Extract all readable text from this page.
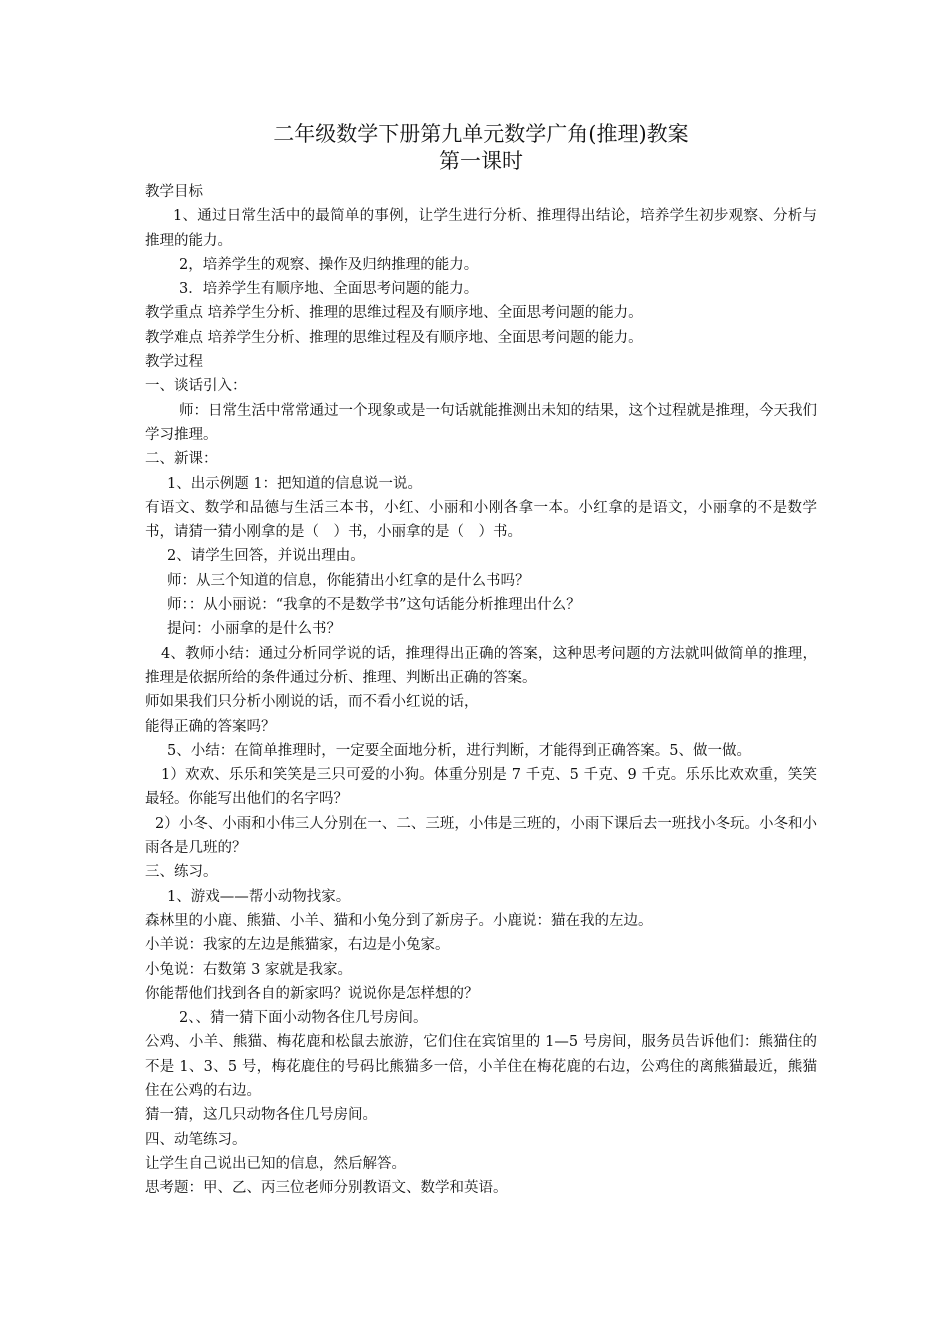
二年级数学下册第九单元数学广角(推理)教案
第一课时

教学目标

1、通过日常生活中的最简单的事例，让学生进行分析、推理得出结论，培养学生初步观察、分析与推理的能力。

2，培养学生的观察、操作及归纳推理的能力。

3．培养学生有顺序地、全面思考问题的能力。

教学重点 培养学生分析、推理的思维过程及有顺序地、全面思考问题的能力。

教学难点 培养学生分析、推理的思维过程及有顺序地、全面思考问题的能力。

教学过程

一、谈话引入：

师：日常生活中常常通过一个现象或是一句话就能推测出未知的结果，这个过程就是推理，今天我们学习推理。

二、新课：

1、出示例题 1：把知道的信息说一说。

有语文、数学和品德与生活三本书，小红、小丽和小刚各拿一本。小红拿的是语文，小丽拿的不是数学书，请猜一猜小刚拿的是（　）书，小丽拿的是（　）书。

2、请学生回答，并说出理由。

师：从三个知道的信息，你能猜出小红拿的是什么书吗？

师：：从小丽说：“我拿的不是数学书”这句话能分析推理出什么？

提问：小丽拿的是什么书？

4、教师小结：通过分析同学说的话，推理得出正确的答案，这种思考问题的方法就叫做简单的推理，推理是依据所给的条件通过分析、推理、判断出正确的答案。

师如果我们只分析小刚说的话，而不看小红说的话，

能得正确的答案吗？

5、小结：在简单推理时，一定要全面地分析，进行判断，才能得到正确答案。5、做一做。

1）欢欢、乐乐和笑笑是三只可爱的小狗。体重分别是 7 千克、5 千克、9 千克。乐乐比欢欢重，笑笑最轻。你能写出他们的名字吗？

2）小冬、小雨和小伟三人分别在一、二、三班，小伟是三班的，小雨下课后去一班找小冬玩。小冬和小雨各是几班的？

三、练习。

1、游戏——帮小动物找家。

森林里的小鹿、熊猫、小羊、猫和小兔分到了新房子。小鹿说：猫在我的左边。

小羊说：我家的左边是熊猫家，右边是小兔家。

小兔说：右数第 3 家就是我家。

你能帮他们找到各自的新家吗？说说你是怎样想的？

2、、猜一猜下面小动物各住几号房间。

公鸡、小羊、熊猫、梅花鹿和松鼠去旅游，它们住在宾馆里的 1—5 号房间，服务员告诉他们：熊猫住的不是 1、3、5 号，梅花鹿住的号码比熊猫多一倍，小羊住在梅花鹿的右边，公鸡住的离熊猫最近，熊猫住在公鸡的右边。

猜一猜，这几只动物各住几号房间。

四、动笔练习。

让学生自己说出已知的信息，然后解答。

思考题：甲、乙、丙三位老师分别教语文、数学和英语。
